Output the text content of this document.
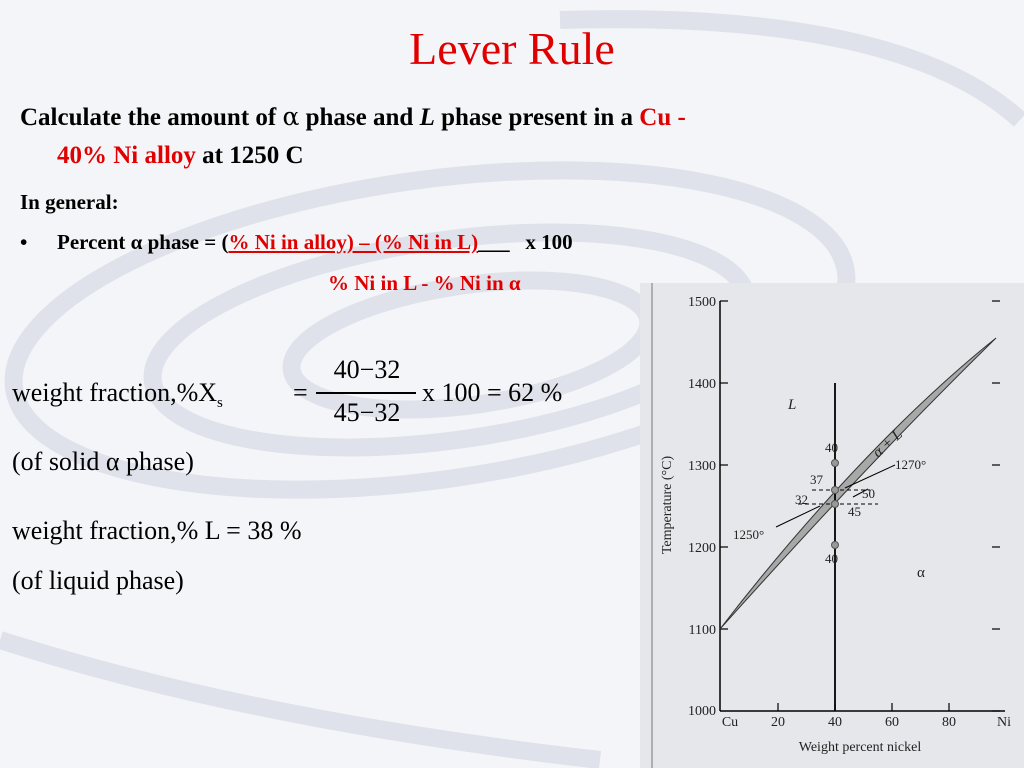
Lever Rule
Calculate the amount of α phase and L phase present in a Cu -
40% Ni alloy at 1250 C
In general:
• Percent α phase = (% Ni in alloy) – (% Ni in L)___ x 100
% Ni in L - % Ni in α
weight $fraction,\%X_s$	=
40−32
45−32
x 100 = 62 %
(of solid α phase)
weight fraction,% L = 38 %
(of liquid phase)
1500
1400
1300
1200
1100
1000
Cu 20	40	60	80	Ni
Weight percent nickel
Temperature (°C)
L
α + L
α
1270°
1250°
40
37
32	50
45
40
